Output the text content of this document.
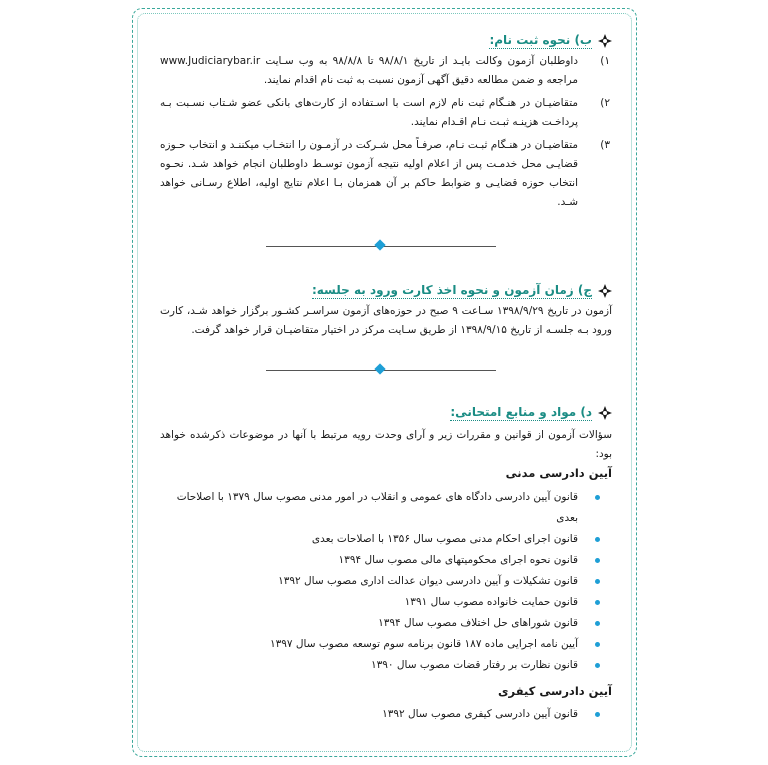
ب) نحوه ثبت نام:
۱)
داوطلبان آزمون وکالت بایـد از تاریخ ۹۸/۸/۱ تا ۹۸/۸/۸ به وب سـایت www.Judiciarybar.ir مراجعه و ضمن مطالعه دقیق آگهی آزمون نسبت به ثبت نام اقدام نمایند.
۲)
متقاضیـان در هنـگام ثبت نام لازم است با اسـتفاده از کارت‌های بانکی عضو شـتاب نسـبت بـه پرداخـت هزینـه ثبـت نـام اقـدام نمایند.
۳)
متقاضیـان در هنـگام ثبـت نـام، صرفـاً محل شـرکت در آزمـون را انتخـاب میکننـد و انتخاب حـوزه قضایـی محل خدمـت پس از اعلام اولیه نتیجه آزمون توسـط داوطلبان انجام خواهد شـد. نحـوه انتخاب حوزه قضایـی و ضوابط حاکم بر آن همزمان بـا اعلام نتایج اولیه، اطلاع رسـانی خواهد شـد.
ج) زمان آزمون و نحوه اخذ کارت ورود به جلسه:

آزمون در تاریخ ۱۳۹۸/۹/۲۹ سـاعت ۹ صبح در حوزه‌های آزمون سراسـر کشـور برگزار خواهد شـد، کارت ورود بـه جلسـه از تاریخ ۱۳۹۸/۹/۱۵ از طریق سـایت مرکز در اختیار متقاضیـان قرار خواهد گرفت.

د) مواد و منابع امتحانی:

سؤالات آزمون از قوانین و مقررات زیر و آرای وحدت رویه مرتبط با آنها در موضوعات ذکرشده خواهد بود:

آیین دادرسی مدنی
قانون آیین دادرسی دادگاه های عمومی و انقلاب در امور مدنی مصوب سال ۱۳۷۹ با اصلاحات بعدی
قانون اجرای احکام مدنی مصوب سال ۱۳۵۶ با اصلاحات بعدی
قانون نحوه اجرای محکومیتهای مالی مصوب سال ۱۳۹۴
قانون تشکیلات و آیین دادرسی دیوان عدالت اداری مصوب سال ۱۳۹۲
قانون حمایت خانواده مصوب سال ۱۳۹۱
قانون شوراهای حل اختلاف مصوب سال ۱۳۹۴
آیین نامه اجرایی ماده ۱۸۷ قانون برنامه سوم توسعه مصوب سال ۱۳۹۷
قانون نظارت بر رفتار قضات مصوب سال ۱۳۹۰
آیین دادرسی کیفری
قانون آیین دادرسی کیفری مصوب سال ۱۳۹۲
